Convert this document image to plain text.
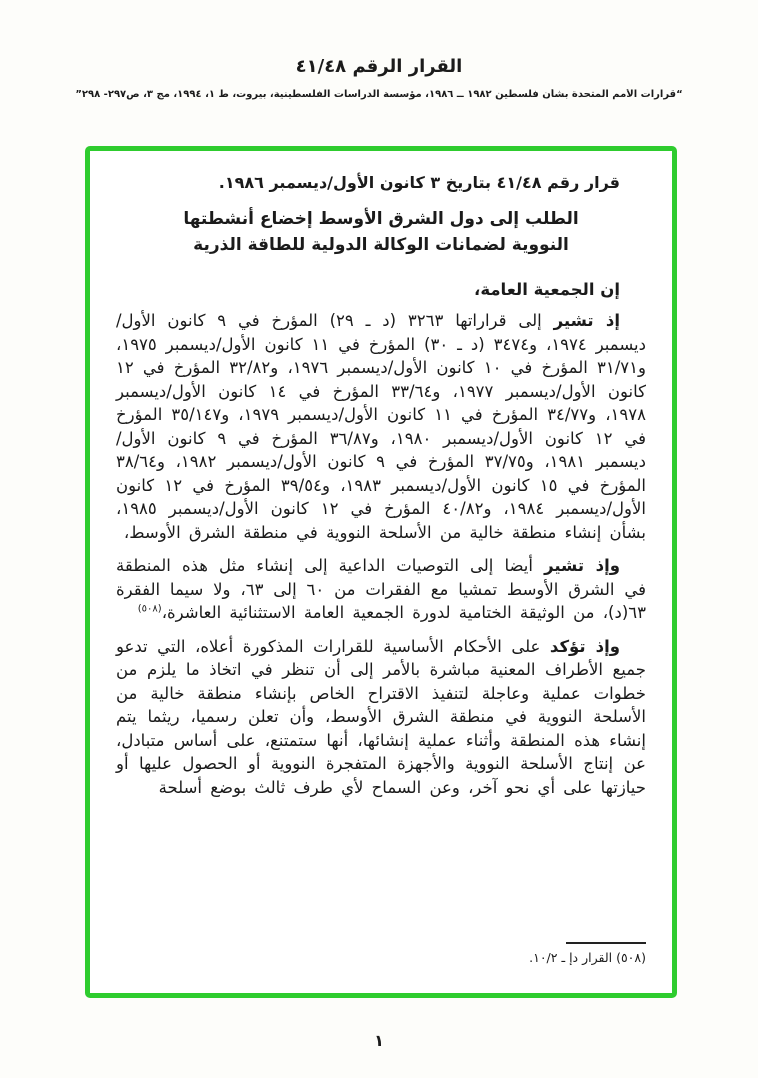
القرار الرقم ٤١/٤٨
“قرارات الأمم المتحدة بشأن فلسطين ١٩٨٢ ــ ١٩٨٦، مؤسسة الدراسات الفلسطينية، بيروت، ط ١، ١٩٩٤، مج ٣، ص٢٩٧- ٢٩٨”
قرار رقم ٤١/٤٨ بتاريخ ٣ كانون الأول/ديسمبر ١٩٨٦.
الطلب إلى دول الشرق الأوسط إخضاع أنشطتها
النووية لضمانات الوكالة الدولية للطاقة الذرية
إن الجمعية العامة،
إذ تشير إلى قراراتها ٣٢٦٣ (د ـ ٢٩) المؤرخ في ٩ كانون الأول/ديسمبر ١٩٧٤، و٣٤٧٤ (د ـ ٣٠) المؤرخ في ١١ كانون الأول/ديسمبر ١٩٧٥، و٣١/٧١ المؤرخ في ١٠ كانون الأول/ديسمبر ١٩٧٦، و٣٢/٨٢ المؤرخ في ١٢ كانون الأول/ديسمبر ١٩٧٧، و٣٣/٦٤ المؤرخ في ١٤ كانون الأول/ديسمبر ١٩٧٨، و٣٤/٧٧ المؤرخ في ١١ كانون الأول/ديسمبر ١٩٧٩، و٣٥/١٤٧ المؤرخ في ١٢ كانون الأول/ديسمبر ١٩٨٠، و٣٦/٨٧ المؤرخ في ٩ كانون الأول/ديسمبر ١٩٨١، و٣٧/٧٥ المؤرخ في ٩ كانون الأول/ديسمبر ١٩٨٢، و٣٨/٦٤ المؤرخ في ١٥ كانون الأول/ديسمبر ١٩٨٣، و٣٩/٥٤ المؤرخ في ١٢ كانون الأول/ديسمبر ١٩٨٤، و٤٠/٨٢ المؤرخ في ١٢ كانون الأول/ديسمبر ١٩٨٥، بشأن إنشاء منطقة خالية من الأسلحة النووية في منطقة الشرق الأوسط،
وإذ تشير أيضا إلى التوصيات الداعية إلى إنشاء مثل هذه المنطقة في الشرق الأوسط تمشيا مع الفقرات من ٦٠ إلى ٦٣، ولا سيما الفقرة ٦٣(د)، من الوثيقة الختامية لدورة الجمعية العامة الاستثنائية العاشرة،$^{(٥٠٨)}$
وإذ تؤكد على الأحكام الأساسية للقرارات المذكورة أعلاه، التي تدعو جميع الأطراف المعنية مباشرة بالأمر إلى أن تنظر في اتخاذ ما يلزم من خطوات عملية وعاجلة لتنفيذ الاقتراح الخاص بإنشاء منطقة خالية من الأسلحة النووية في منطقة الشرق الأوسط، وأن تعلن رسميا، ريثما يتم إنشاء هذه المنطقة وأثناء عملية إنشائها، أنها ستمتنع، على أساس متبادل، عن إنتاج الأسلحة النووية والأجهزة المتفجرة النووية أو الحصول عليها أو حيازتها على أي نحو آخر، وعن السماح لأي طرف ثالث بوضع أسلحة
(٥٠٨) القرار دإ ـ ١٠/٢.
١
